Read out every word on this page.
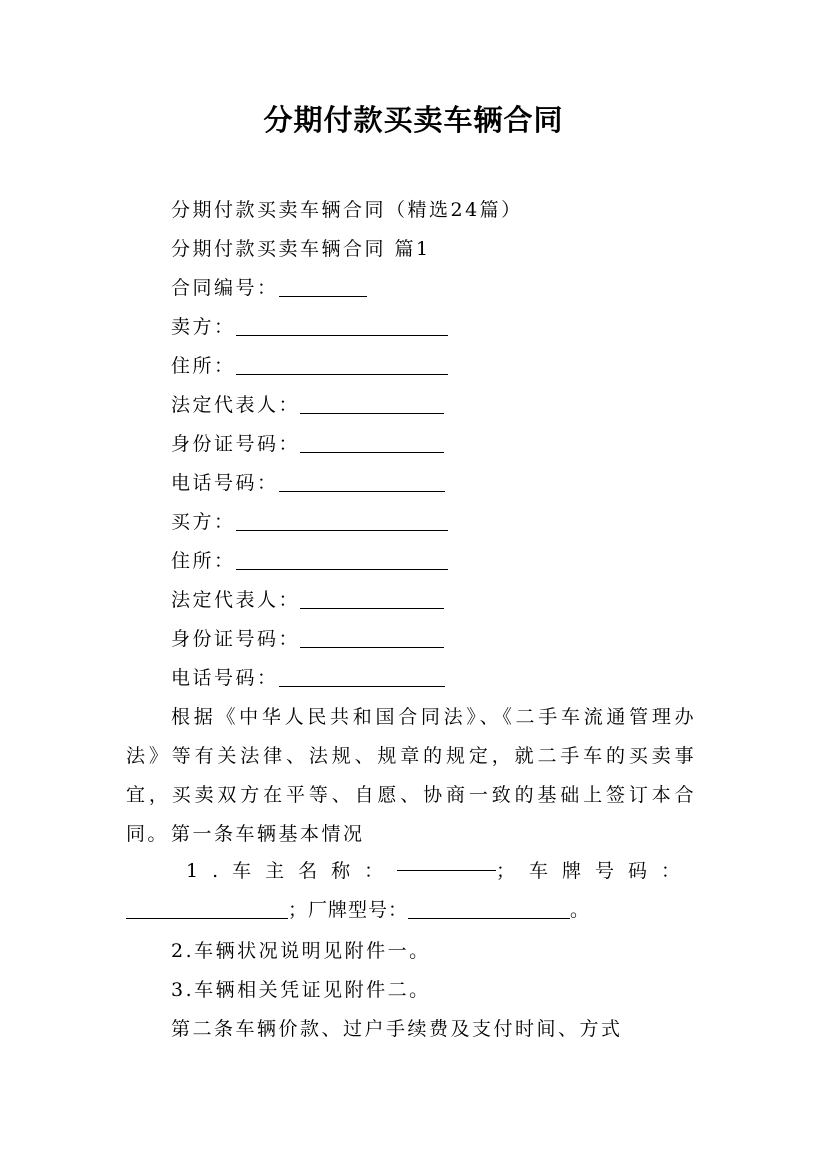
分期付款买卖车辆合同
分期付款买卖车辆合同（精选24篇）
分期付款买卖车辆合同 篇1
合同编号：
卖方：
住所：
法定代表人：
身份证号码：
电话号码：
买方：
住所：
法定代表人：
身份证号码：
电话号码：
根据《中华人民共和国合同法》、《二手车流通管理办法》等有关法律、法规、规章的规定，就二手车的买卖事宜，买卖双方在平等、自愿、协商一致的基础上签订本合同。 第一条车辆基本情况
1.车主名称：	；车牌号码：
；厂牌型号：	。
2.车辆状况说明见附件一。
3.车辆相关凭证见附件二。
第二条车辆价款、过户手续费及支付时间、方式
